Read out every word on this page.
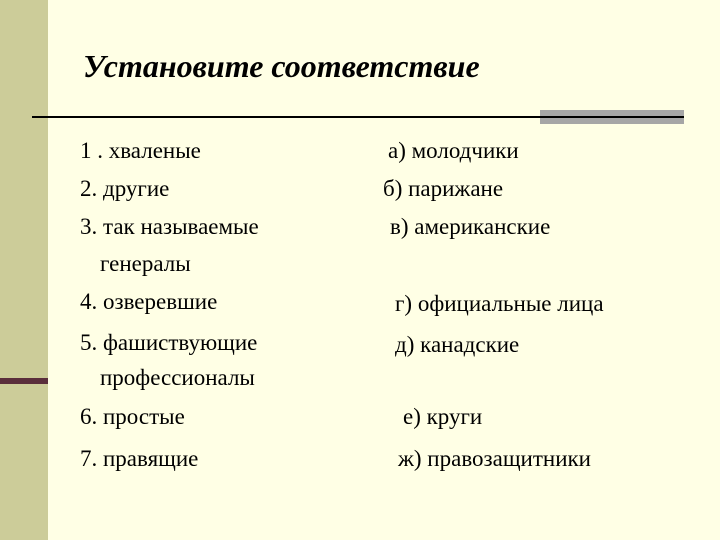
Установите соответствие
1 . хваленые
2. другие
3. так называемые
генералы
4. озверевшие
5. фашиствующие
профессионалы
6. простые
7. правящие
а) молодчики
б) парижане
в) американские
г) официальные лица
д) канадские
е) круги
ж) правозащитники
